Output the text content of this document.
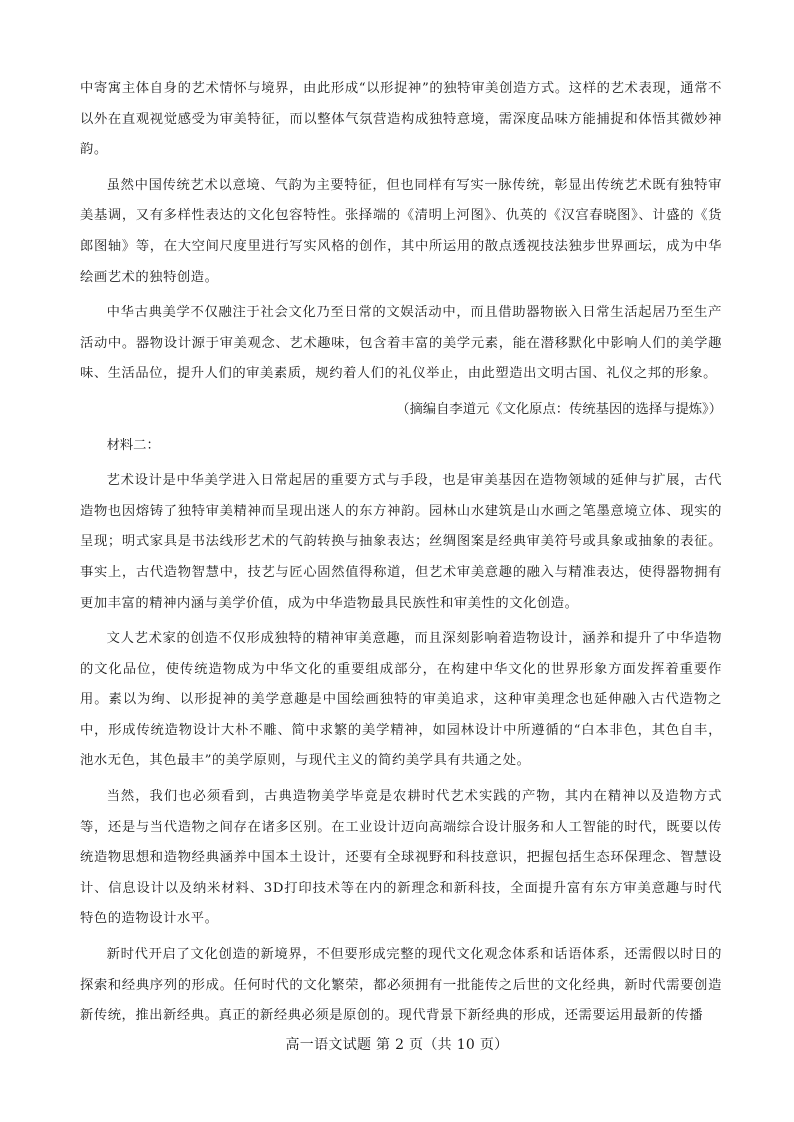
中寄寓主体自身的艺术情怀与境界，由此形成“以形捉神”的独特审美创造方式。这样的艺术表现，通常不以外在直观视觉感受为审美特征，而以整体气氛营造构成独特意境，需深度品味方能捕捉和体悟其微妙神韵。

虽然中国传统艺术以意境、气韵为主要特征，但也同样有写实一脉传统，彰显出传统艺术既有独特审美基调，又有多样性表达的文化包容特性。张择端的《清明上河图》、仇英的《汉宫春晓图》、计盛的《货郎图轴》等，在大空间尺度里进行写实风格的创作，其中所运用的散点透视技法独步世界画坛，成为中华绘画艺术的独特创造。

中华古典美学不仅融注于社会文化乃至日常的文娱活动中，而且借助器物嵌入日常生活起居乃至生产活动中。器物设计源于审美观念、艺术趣味，包含着丰富的美学元素，能在潜移默化中影响人们的美学趣味、生活品位，提升人们的审美素质，规约着人们的礼仪举止，由此塑造出文明古国、礼仪之邦的形象。

（摘编自李道元《文化原点：传统基因的选择与提炼》）

材料二：

艺术设计是中华美学进入日常起居的重要方式与手段，也是审美基因在造物领域的延伸与扩展，古代造物也因熔铸了独特审美精神而呈现出迷人的东方神韵。园林山水建筑是山水画之笔墨意境立体、现实的呈现；明式家具是书法线形艺术的气韵转换与抽象表达；丝绸图案是经典审美符号或具象或抽象的表征。事实上，古代造物智慧中，技艺与匠心固然值得称道，但艺术审美意趣的融入与精准表达，使得器物拥有更加丰富的精神内涵与美学价值，成为中华造物最具民族性和审美性的文化创造。

文人艺术家的创造不仅形成独特的精神审美意趣，而且深刻影响着造物设计，涵养和提升了中华造物的文化品位，使传统造物成为中华文化的重要组成部分，在构建中华文化的世界形象方面发挥着重要作用。素以为绚、以形捉神的美学意趣是中国绘画独特的审美追求，这种审美理念也延伸融入古代造物之中，形成传统造物设计大朴不雕、简中求繁的美学精神，如园林设计中所遵循的“白本非色，其色自丰，池水无色，其色最丰”的美学原则，与现代主义的简约美学具有共通之处。

当然，我们也必须看到，古典造物美学毕竟是农耕时代艺术实践的产物，其内在精神以及造物方式等，还是与当代造物之间存在诸多区别。在工业设计迈向高端综合设计服务和人工智能的时代，既要以传统造物思想和造物经典涵养中国本土设计，还要有全球视野和科技意识，把握包括生态环保理念、智慧设计、信息设计以及纳米材料、3D打印技术等在内的新理念和新科技，全面提升富有东方审美意趣与时代特色的造物设计水平。

新时代开启了文化创造的新境界，不但要形成完整的现代文化观念体系和话语体系，还需假以时日的探索和经典序列的形成。任何时代的文化繁荣，都必须拥有一批能传之后世的文化经典，新时代需要创造新传统，推出新经典。真正的新经典必须是原创的。现代背景下新经典的形成，还需要运用最新的传播

高一语文试题 第 2 页（共 10 页）
